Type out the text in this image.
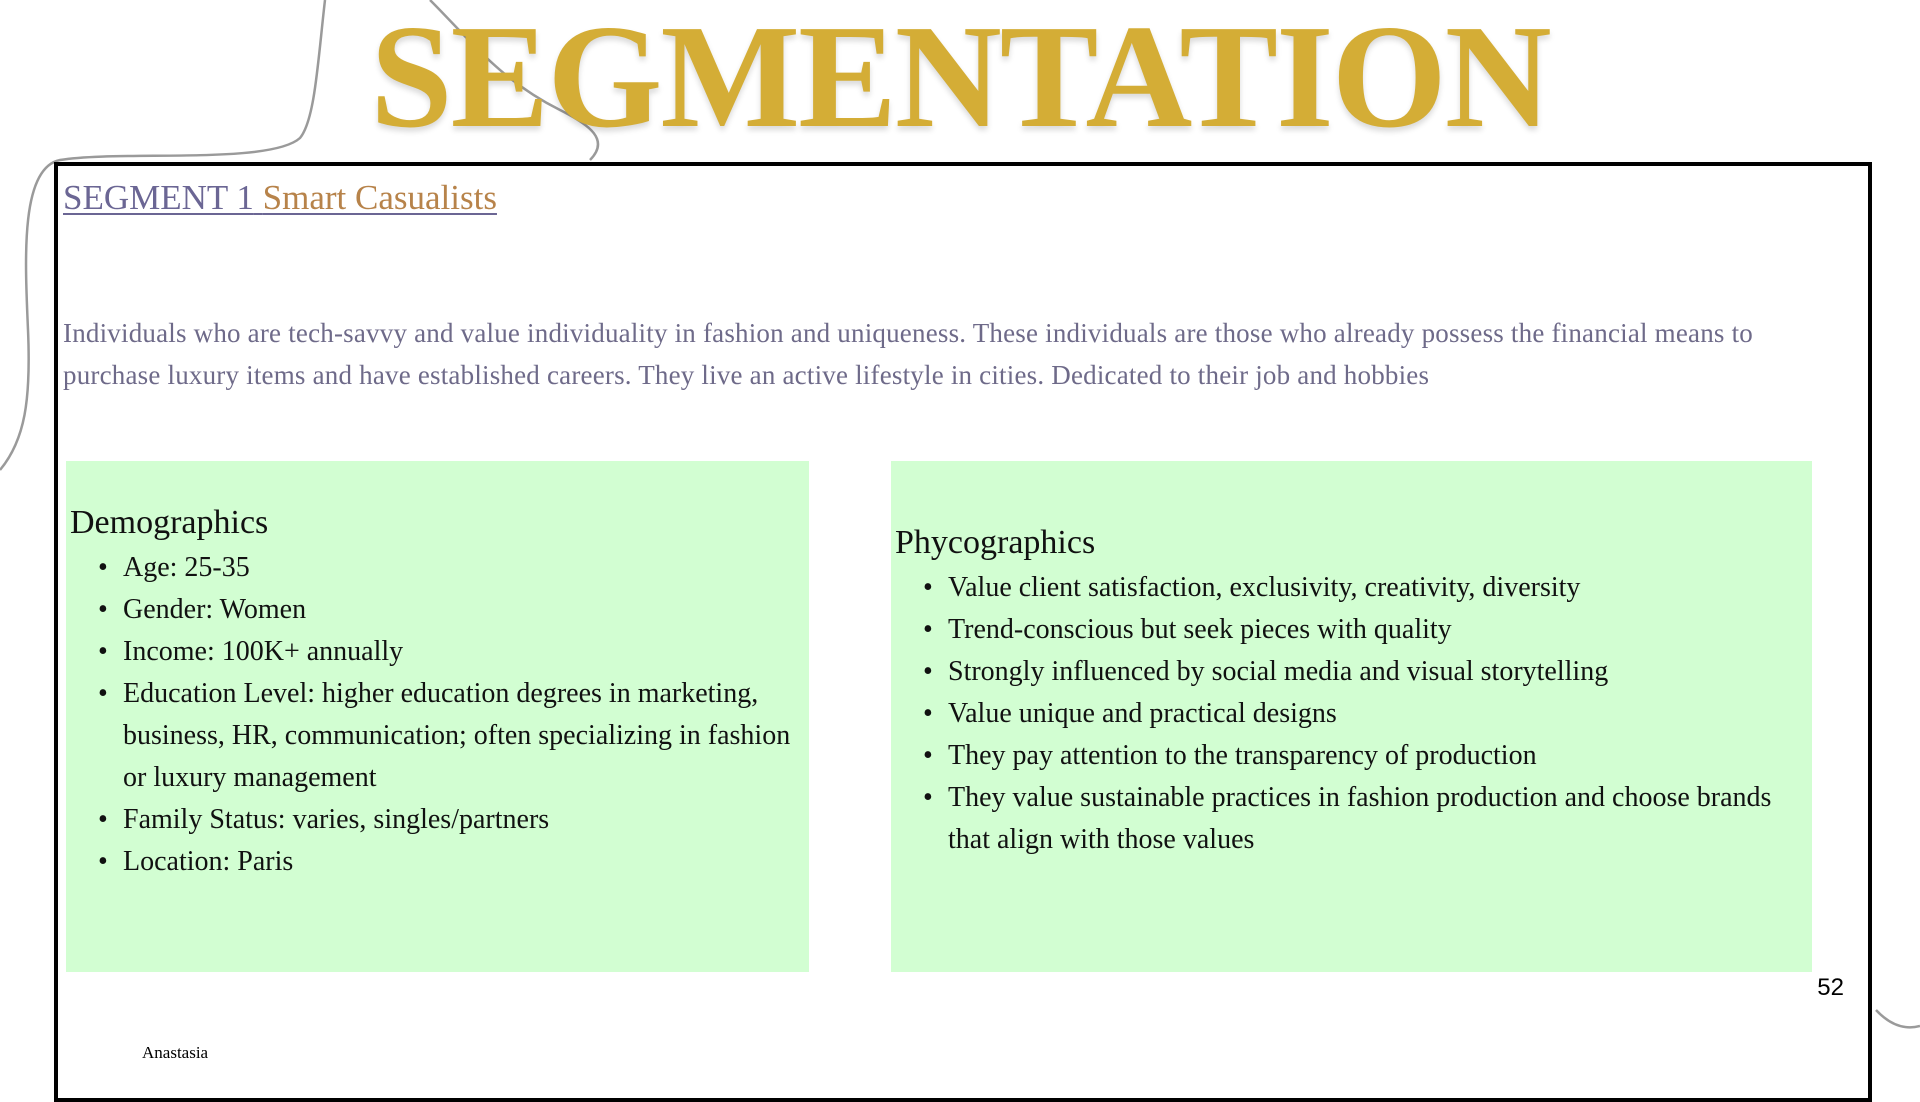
SEGMENTATION
SEGMENT 1 Smart Casualists

Individuals who are tech-savvy and value individuality in fashion and uniqueness. These individuals are those who already possess the financial means to purchase luxury items and have established careers. They live an active lifestyle in cities. Dedicated to their job and hobbies

Demographics
• Age: 25-35
• Gender: Women
• Income: 100K+ annually
• Education Level: higher education degrees in marketing, business, HR, communication; often specializing in fashion or luxury management
• Family Status: varies, singles/partners
• Location: Paris
Phycographics
• Value client satisfaction, exclusivity, creativity, diversity
• Trend-conscious but seek pieces with quality
• Strongly influenced by social media and visual storytelling
• Value unique and practical designs
• They pay attention to the transparency of production
• They value sustainable practices in fashion production and choose brands that align with those values
52
Anastasia
